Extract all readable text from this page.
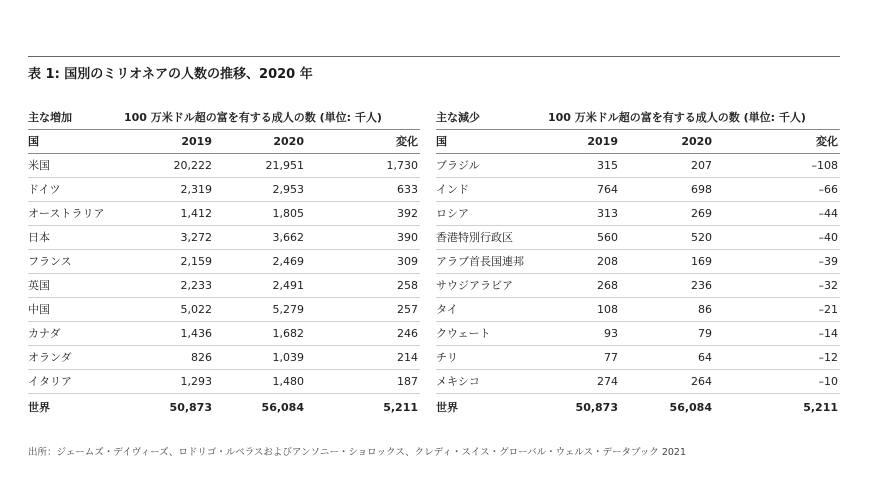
表 1: 国別のミリオネアの人数の推移、2020 年
主な増加	100 万米ドル超の富を有する成人の数 (単位: 千人)
国	2019	2020	変化
米国	20,222	21,951	1,730
ドイツ	2,319	2,953	633
オーストラリア	1,412	1,805	392
日本	3,272	3,662	390
フランス	2,159	2,469	309
英国	2,233	2,491	258
中国	5,022	5,279	257
カナダ	1,436	1,682	246
オランダ	826	1,039	214
イタリア	1,293	1,480	187
世界	50,873	56,084	5,211
主な減少	100 万米ドル超の富を有する成人の数 (単位: 千人)
国	2019	2020	変化
ブラジル	315	207	–108
インド	764	698	–66
ロシア	313	269	–44
香港特別行政区	560	520	–40
アラブ首長国連邦	208	169	–39
サウジアラビア	268	236	–32
タイ	108	86	–21
クウェート	93	79	–14
チリ	77	64	–12
メキシコ	274	264	–10
世界	50,873	56,084	5,211
出所：ジェームズ・デイヴィーズ、ロドリゴ・ルベラスおよびアンソニー・ショロックス、クレディ・スイス・グローバル・ウェルス・データブック 2021
